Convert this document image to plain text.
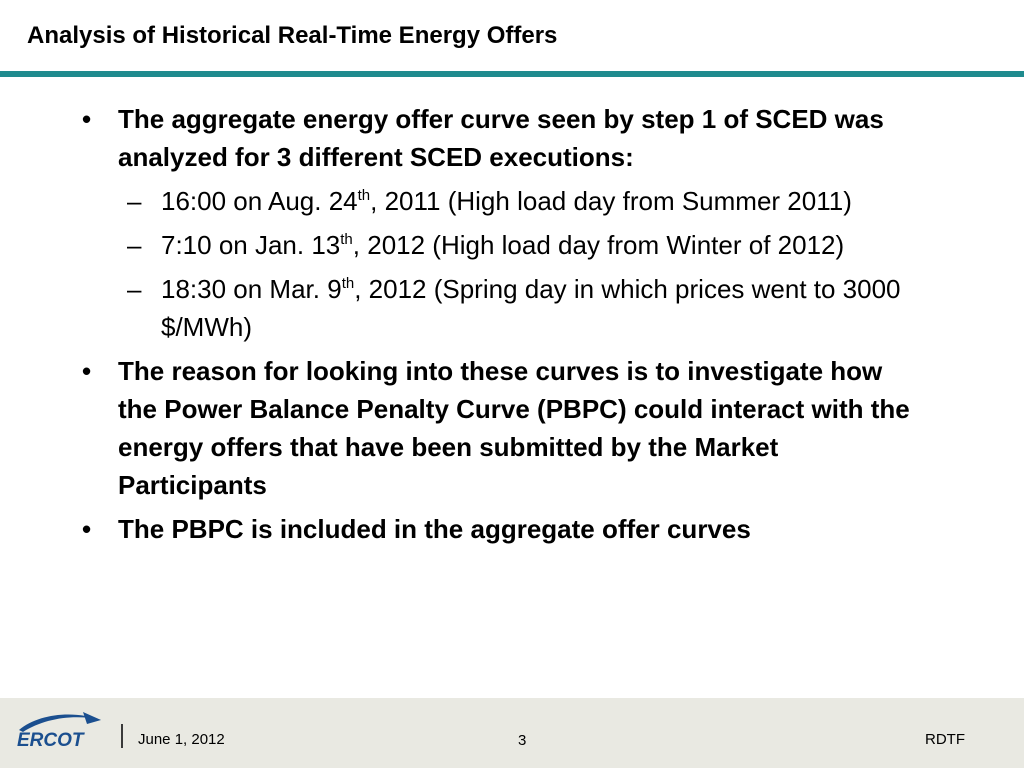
Analysis of Historical Real-Time Energy Offers
•	The aggregate energy offer curve seen by step 1 of SCED was analyzed for 3 different SCED executions:
– 16:00 on Aug. 24th, 2011 (High load day from Summer 2011)
– 7:10 on Jan. 13th, 2012 (High load day from Winter of 2012)
– 18:30 on Mar. 9th, 2012 (Spring day in which prices went to 3000 $/MWh)
•	The reason for looking into these curves is to investigate how the Power Balance Penalty Curve (PBPC) could interact with the energy offers that have been submitted by the Market Participants
•	The PBPC is included in the aggregate offer curves
ERCOT	June 1, 2012	3	RDTF
